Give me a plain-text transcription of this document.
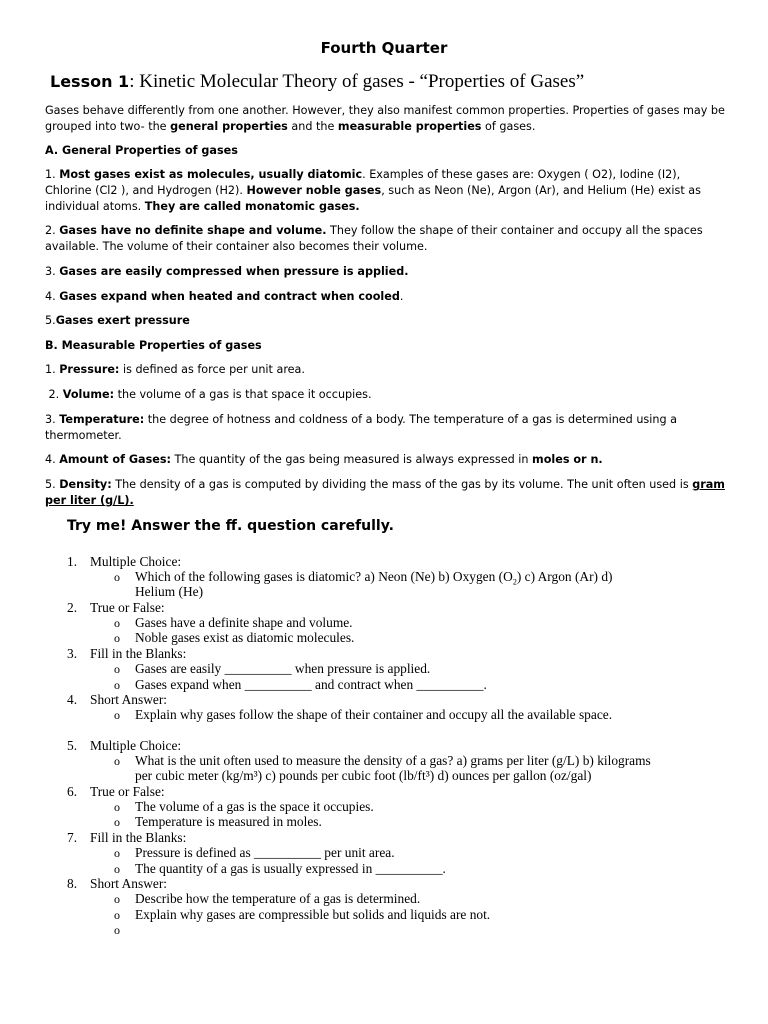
Fourth Quarter
Lesson 1: Kinetic Molecular Theory of gases - “Properties of Gases”
Gases behave differently from one another. However, they also manifest common properties. Properties of gases may be grouped into two- the general properties and the measurable properties of gases.
A. General Properties of gases
1. Most gases exist as molecules, usually diatomic. Examples of these gases are: Oxygen ( O2), Iodine (I2), Chlorine (Cl2 ), and Hydrogen (H2). However noble gases, such as Neon (Ne), Argon (Ar), and Helium (He) exist as individual atoms. They are called monatomic gases.
2. Gases have no definite shape and volume. They follow the shape of their container and occupy all the spaces available. The volume of their container also becomes their volume.
3. Gases are easily compressed when pressure is applied.
4. Gases expand when heated and contract when cooled.
5.Gases exert pressure
B. Measurable Properties of gases
1. Pressure: is defined as force per unit area.
2. Volume: the volume of a gas is that space it occupies.
3. Temperature: the degree of hotness and coldness of a body. The temperature of a gas is determined using a thermometer.
4. Amount of Gases: The quantity of the gas being measured is always expressed in moles or n.
5. Density: The density of a gas is computed by dividing the mass of the gas by its volume. The unit often used is gram per liter (g/L).
Try me! Answer the ff. question carefully.
1. Multiple Choice:
o Which of the following gases is diatomic? a) Neon (Ne) b) Oxygen $(O_2)$ c) Argon (Ar) d)
Helium (He)
2. True or False:
o Gases have a definite shape and volume.
o Noble gases exist as diatomic molecules.
3. Fill in the Blanks:
o Gases are easily __________ when pressure is applied.
o Gases expand when __________ and contract when __________.
4. Short Answer:
o Explain why gases follow the shape of their container and occupy all the available space.
5. Multiple Choice:
o What is the unit often used to measure the density of a gas? a) grams per liter (g/L) b) kilograms
per cubic meter (kg/m³) c) pounds per cubic foot (lb/ft³) d) ounces per gallon (oz/gal)
6. True or False:
o The volume of a gas is the space it occupies.
o Temperature is measured in moles.
7. Fill in the Blanks:
o Pressure is defined as __________ per unit area.
o The quantity of a gas is usually expressed in __________.
8. Short Answer:
o Describe how the temperature of a gas is determined.
o Explain why gases are compressible but solids and liquids are not.
o
